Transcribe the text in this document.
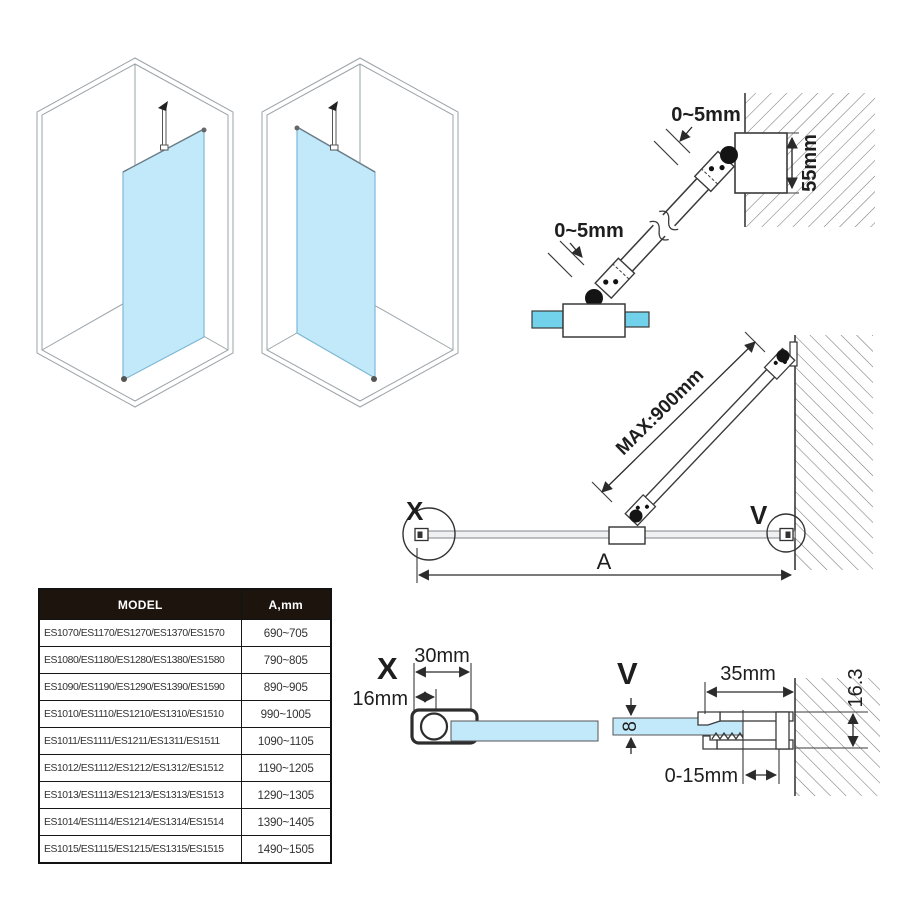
55mm
0~5mm
0~5mm
X	V
MAX:900mm
A
X 30mm
16mm
V
8
35mm	16.3
0-15mm
MODEL	A,mm
ES1070/ES1170/ES1270/ES1370/ES1570	690~705
ES1080/ES1180/ES1280/ES1380/ES1580	790~805
ES1090/ES1190/ES1290/ES1390/ES1590	890~905
ES1010/ES1110/ES1210/ES1310/ES1510	990~1005
ES1011/ES1111/ES1211/ES1311/ES1511	1090~1105
ES1012/ES1112/ES1212/ES1312/ES1512	1190~1205
ES1013/ES1113/ES1213/ES1313/ES1513	1290~1305
ES1014/ES1114/ES1214/ES1314/ES1514	1390~1405
ES1015/ES1115/ES1215/ES1315/ES1515	1490~1505
